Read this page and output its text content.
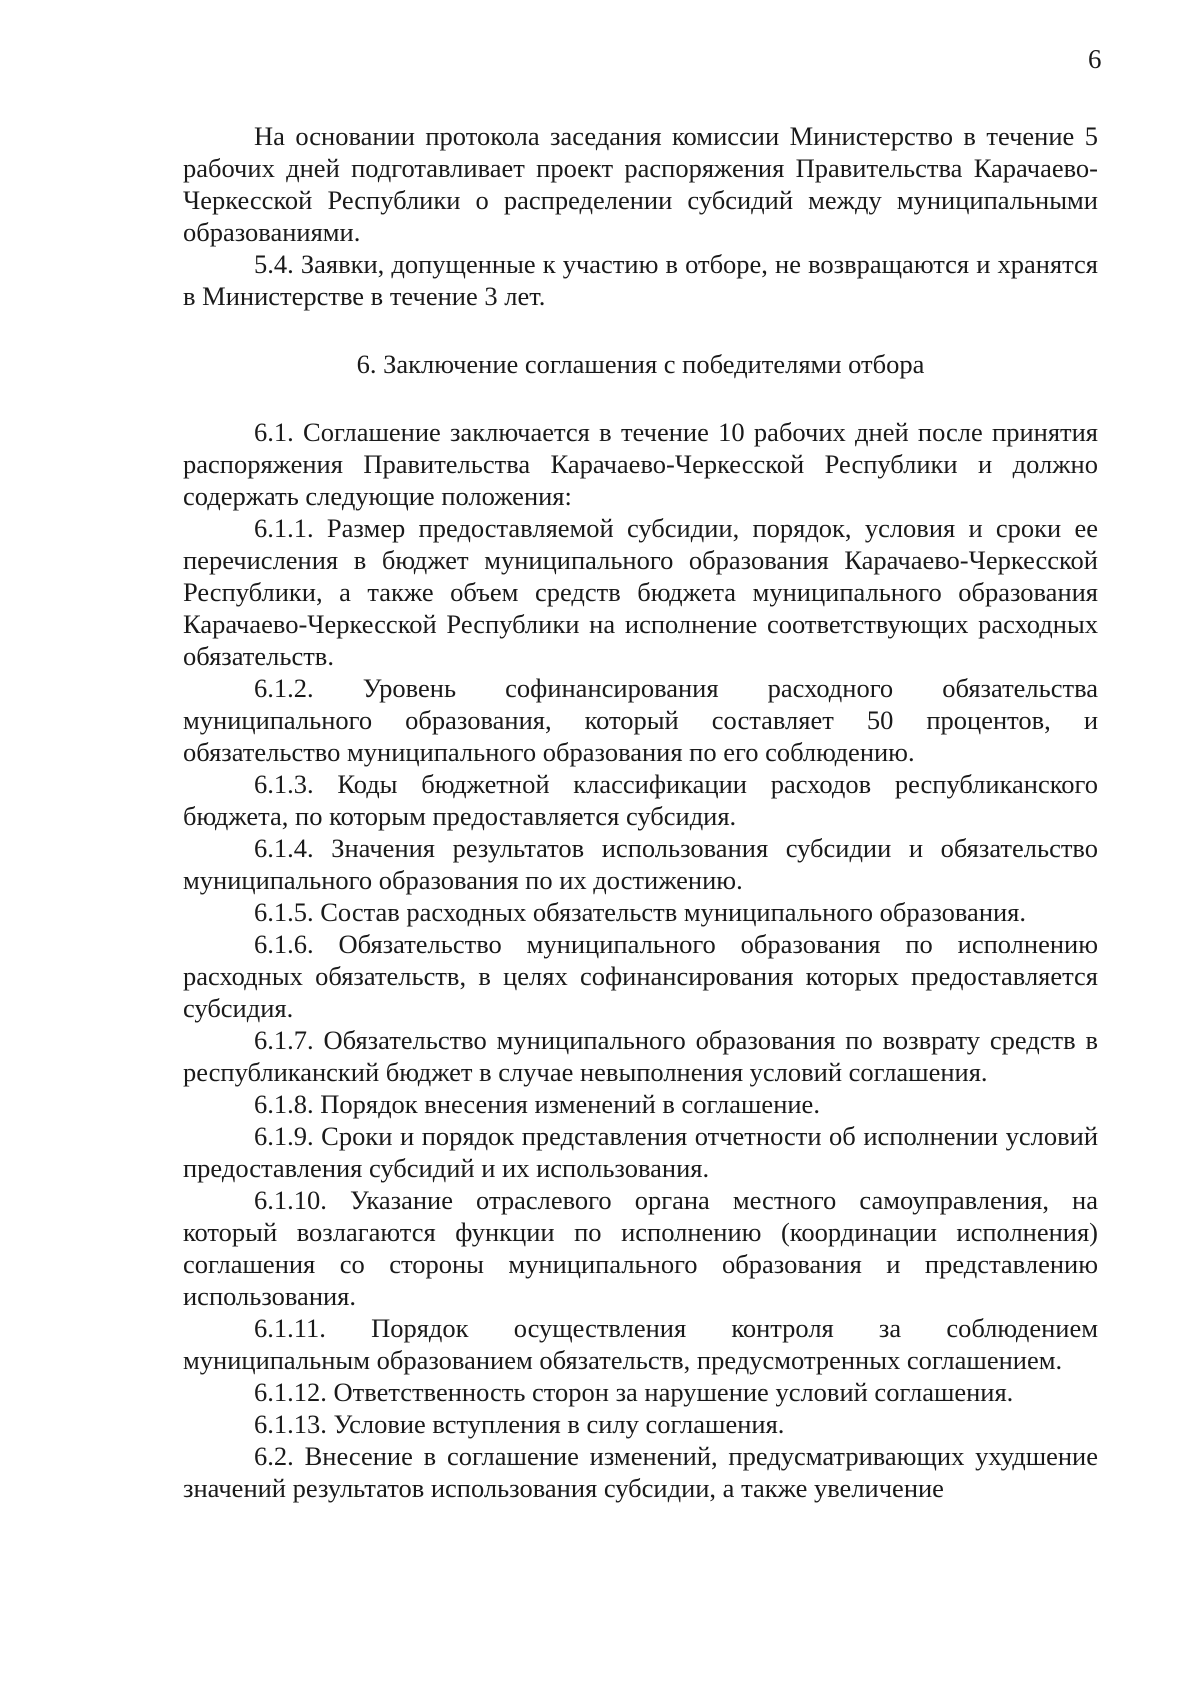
6

На основании протокола заседания комиссии Министерство в течение 5 рабочих дней подготавливает проект распоряжения Правительства Карачаево-Черкесской Республики о распределении субсидий между муниципальными образованиями.

5.4. Заявки, допущенные к участию в отборе, не возвращаются и хранятся в Министерстве в течение 3 лет.

6. Заключение соглашения с победителями отбора

6.1. Соглашение заключается в течение 10 рабочих дней после принятия распоряжения Правительства Карачаево-Черкесской Республики и должно содержать следующие положения:

6.1.1. Размер предоставляемой субсидии, порядок, условия и сроки ее перечисления в бюджет муниципального образования Карачаево-Черкесской Республики, а также объем средств бюджета муниципального образования Карачаево-Черкесской Республики на исполнение соответствующих расходных обязательств.

6.1.2. Уровень софинансирования расходного обязательства муниципального образования, который составляет 50 процентов, и обязательство муниципального образования по его соблюдению.

6.1.3. Коды бюджетной классификации расходов республиканского бюджета, по которым предоставляется субсидия.

6.1.4. Значения результатов использования субсидии и обязательство муниципального образования по их достижению.

6.1.5. Состав расходных обязательств муниципального образования.

6.1.6. Обязательство муниципального образования по исполнению расходных обязательств, в целях софинансирования которых предоставляется субсидия.

6.1.7. Обязательство муниципального образования по возврату средств в республиканский бюджет в случае невыполнения условий соглашения.

6.1.8. Порядок внесения изменений в соглашение.

6.1.9. Сроки и порядок представления отчетности об исполнении условий предоставления субсидий и их использования.

6.1.10. Указание отраслевого органа местного самоуправления, на который возлагаются функции по исполнению (координации исполнения) соглашения со стороны муниципального образования и представлению использования.

6.1.11. Порядок осуществления контроля за соблюдением муниципальным образованием обязательств, предусмотренных соглашением.

6.1.12. Ответственность сторон за нарушение условий соглашения.

6.1.13. Условие вступления в силу соглашения.

6.2. Внесение в соглашение изменений, предусматривающих ухудшение значений результатов использования субсидии, а также увеличение
